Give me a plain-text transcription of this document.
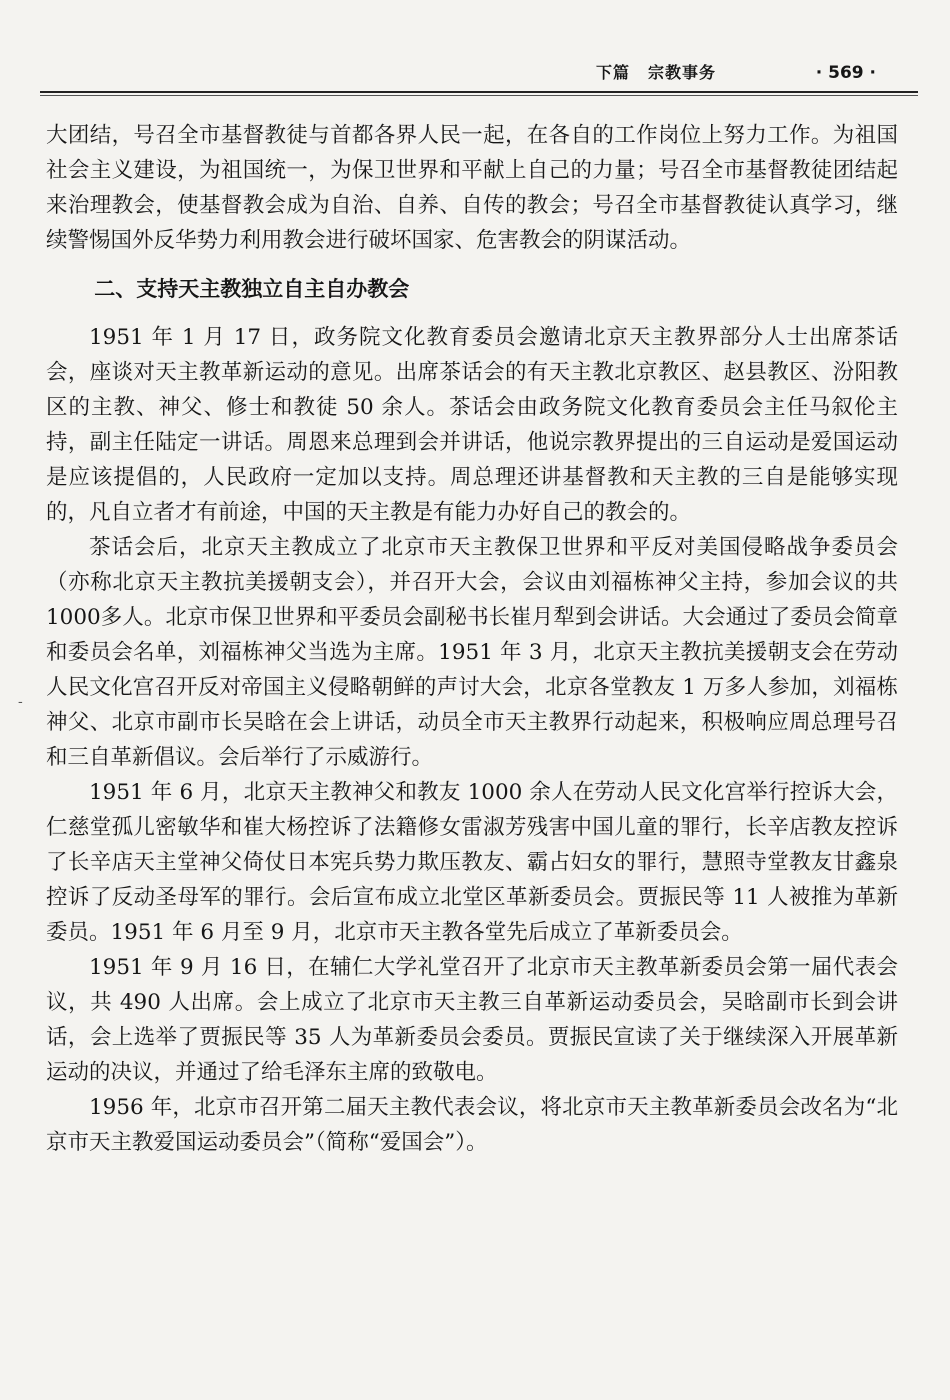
下篇 宗教事务	· 569 ·
-

大团结，号召全市基督教徒与首都各界人民一起，在各自的工作岗位上努力工作。为祖国社会主义建设，为祖国统一，为保卫世界和平献上自己的力量；号召全市基督教徒团结起来治理教会，使基督教会成为自治、自养、自传的教会；号召全市基督教徒认真学习，继续警惕国外反华势力利用教会进行破坏国家、危害教会的阴谋活动。

二、支持天主教独立自主自办教会

1951 年 1 月 17 日，政务院文化教育委员会邀请北京天主教界部分人士出席茶话会，座谈对天主教革新运动的意见。出席茶话会的有天主教北京教区、赵县教区、汾阳教区的主教、神父、修士和教徒 50 余人。茶话会由政务院文化教育委员会主任马叙伦主持，副主任陆定一讲话。周恩来总理到会并讲话，他说宗教界提出的三自运动是爱国运动是应该提倡的，人民政府一定加以支持。周总理还讲基督教和天主教的三自是能够实现的，凡自立者才有前途，中国的天主教是有能力办好自己的教会的。

茶话会后，北京天主教成立了北京市天主教保卫世界和平反对美国侵略战争委员会（亦称北京天主教抗美援朝支会），并召开大会，会议由刘福栋神父主持，参加会议的共1000多人。北京市保卫世界和平委员会副秘书长崔月犁到会讲话。大会通过了委员会简章和委员会名单，刘福栋神父当选为主席。1951 年 3 月，北京天主教抗美援朝支会在劳动人民文化宫召开反对帝国主义侵略朝鲜的声讨大会，北京各堂教友 1 万多人参加，刘福栋神父、北京市副市长吴晗在会上讲话，动员全市天主教界行动起来，积极响应周总理号召和三自革新倡议。会后举行了示威游行。

1951 年 6 月，北京天主教神父和教友 1000 余人在劳动人民文化宫举行控诉大会，仁慈堂孤儿密敏华和崔大杨控诉了法籍修女雷淑芳残害中国儿童的罪行，长辛店教友控诉了长辛店天主堂神父倚仗日本宪兵势力欺压教友、霸占妇女的罪行，慧照寺堂教友甘鑫泉控诉了反动圣母军的罪行。会后宣布成立北堂区革新委员会。贾振民等 11 人被推为革新委员。1951 年 6 月至 9 月，北京市天主教各堂先后成立了革新委员会。

1951 年 9 月 16 日，在辅仁大学礼堂召开了北京市天主教革新委员会第一届代表会议，共 490 人出席。会上成立了北京市天主教三自革新运动委员会，吴晗副市长到会讲话，会上选举了贾振民等 35 人为革新委员会委员。贾振民宣读了关于继续深入开展革新运动的决议，并通过了给毛泽东主席的致敬电。

1956 年，北京市召开第二届天主教代表会议，将北京市天主教革新委员会改名为“北京市天主教爱国运动委员会”（简称“爱国会”）。
